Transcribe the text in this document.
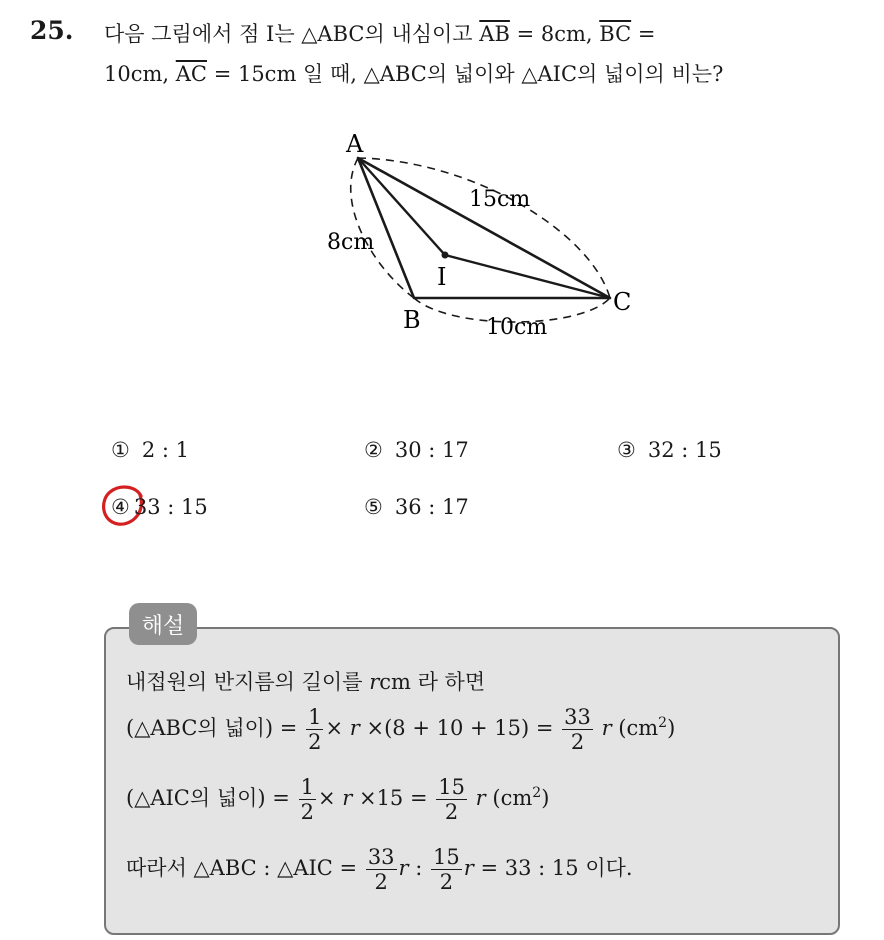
25. 다음 그림에서 점 I는 △ABC의 내심이고 $\overline{AB} = 8cm$, $\overline{BC}$ =
10cm, $\overline{AC} = 15cm$ 일 때, △ABC의 넓이와 △AIC의 넓이의 비는?
A
B
C
I
8cm
10cm
15cm
① 2 : 1	② 30 : 17	③ 32 : 15
④ 33 : 15	⑤ 36 : 17
해설
내접원의 반지름의 길이를 rcm 라 하면
(△ABC의 넓이) = $\frac{1}{2} \times r \times(8 + 10 + 15) = \frac{33}{2}$ r $(cm^2)$
(△AIC의 넓이) = $\frac{1}{2} \times r \times 15 = \frac{15}{2}$ r $(cm^2)$
따라서 △ABC : △AIC = $\frac{33}{2}$ r : $\frac{15}{2}$ r = 33 : 15 이다.
